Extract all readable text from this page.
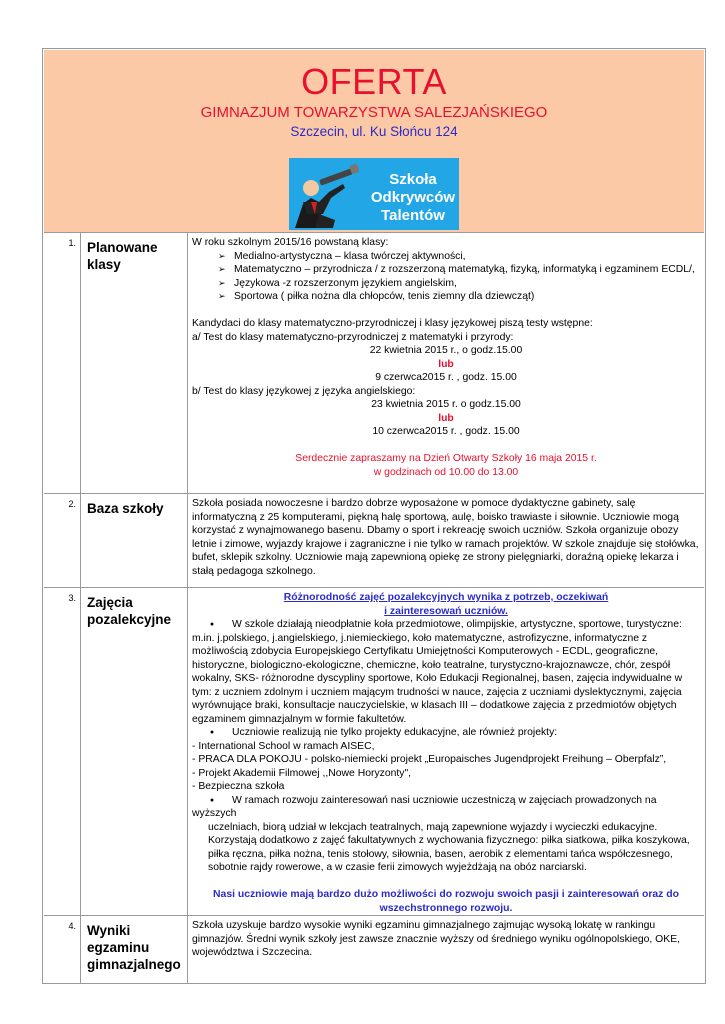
OFERTA
GIMNAZJUM TOWARZYSTWA SALEZJAŃSKIEGO
Szczecin, ul. Ku Słońcu 124
Szkoła
Odkrywców
Talentów
1. Planowane
klasy

W roku szkolnym 2015/16 powstaną klasy:

➢ Medialno-artystyczna – klasa twórczej aktywności,
➢ Matematyczno – przyrodnicza / z rozszerzoną matematyką, fizyką, informatyką i egzaminem ECDL/,
➢ Językowa -z rozszerzonym językiem angielskim,
➢ Sportowa ( piłka nożna dla chłopców, tenis ziemny dla dziewcząt)

Kandydaci do klasy matematyczno-przyrodniczej i klasy językowej piszą testy wstępne:

a/ Test do klasy matematyczno-przyrodniczej z matematyki i przyrody:

22 kwietnia 2015 r., o godz.15.00

lub

9 czerwca2015 r. , godz. 15.00

b/ Test do klasy językowej z języka angielskiego:

23 kwietnia 2015 r. o godz.15.00

lub

10 czerwca2015 r. , godz. 15.00

Serdecznie zapraszamy na Dzień Otwarty Szkoły 16 maja 2015 r.

w godzinach od 10.00 do 13.00

2. Baza szkoły	Szkoła posiada nowoczesne i bardzo dobrze wyposażone w pomoce dydaktyczne gabinety, salę informatyczną z 25 komputerami, piękną halę sportową, aulę, boisko trawiaste i siłownie. Uczniowie mogą korzystać z wynajmowanego basenu. Dbamy o sport i rekreację swoich uczniów. Szkoła organizuje obozy letnie i zimowe, wyjazdy krajowe i zagraniczne i nie tylko w ramach projektów. W szkole znajduje się stołówka, bufet, sklepik szkolny. Uczniowie mają zapewnioną opiekę ze strony pielęgniarki, doraźną opiekę lekarza i stałą pedagoga szkolnego.

3. Zajęcia
pozalekcyjne

Różnorodność zajęć pozalekcyjnych wynika z potrzeb, oczekiwań

i zainteresowań uczniów.

● W szkole działają nieodpłatnie koła przedmiotowe, olimpijskie, artystyczne, sportowe, turystyczne: m.in. j.polskiego, j.angielskiego, j.niemieckiego, koło matematyczne, astrofizyczne, informatyczne z możliwością zdobycia Europejskiego Certyfikatu Umiejętności Komputerowych - ECDL, geograficzne, historyczne, biologiczno-ekologiczne, chemiczne, koło teatralne, turystyczno-krajoznawcze, chór, zespół wokalny, SKS- różnorodne dyscypliny sportowe, Koło Edukacji Regionalnej, basen, zajęcia indywidualne w tym: z uczniem zdolnym i uczniem mającym trudności w nauce, zajęcia z uczniami dyslektycznymi, zajęcia wyrównujące braki, konsultacje nauczycielskie, w klasach III – dodatkowe zajęcia z przedmiotów objętych egzaminem gimnazjalnym w formie fakultetów.

● Uczniowie realizują nie tylko projekty edukacyjne, ale również projekty:

- International School w ramach AISEC,

- PRACA DLA POKOJU - polsko-niemiecki projekt „Europaisches Jugendprojekt Freihung – Oberpfalz”,

- Projekt Akademii Filmowej ,,Nowe Horyzonty",

- Bezpieczna szkoła

● W ramach rozwoju zainteresowań nasi uczniowie uczestniczą w zajęciach prowadzonych na wyższych

uczelniach, biorą udział w lekcjach teatralnych, mają zapewnione wyjazdy i wycieczki edukacyjne.

Korzystają dodatkowo z zajęć fakultatywnych z wychowania fizycznego: piłka siatkowa, piłka koszykowa, piłka ręczna, piłka nożna, tenis stołowy, siłownia, basen, aerobik z elementami tańca współczesnego, sobotnie rajdy rowerowe, a w czasie ferii zimowych wyjeżdżają na obóz narciarski.

Nasi uczniowie mają bardzo dużo możliwości do rozwoju swoich pasji i zainteresowań oraz do

wszechstronnego rozwoju.

4. Wyniki
egzaminu
gimnazjalnego

Szkoła uzyskuje bardzo wysokie wyniki egzaminu gimnazjalnego zajmując wysoką lokatę w rankingu gimnazjów. Średni wynik szkoły jest zawsze znacznie wyższy od średniego wyniku ogólnopolskiego, OKE, województwa i Szczecina.
